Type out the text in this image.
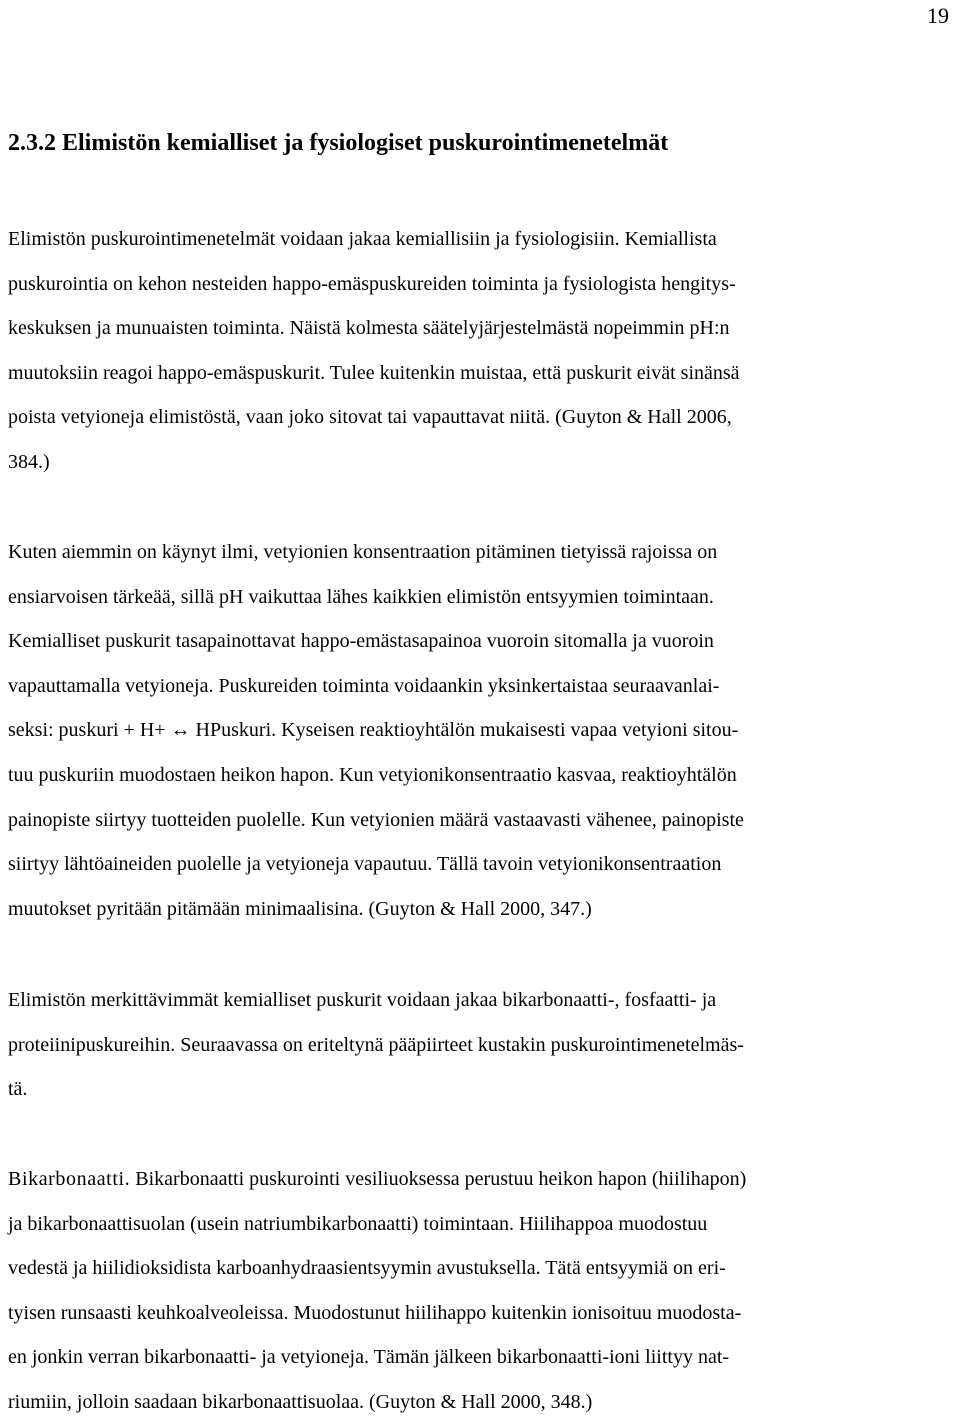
19
2.3.2 Elimistön kemialliset ja fysiologiset puskurointimenetelmät

Elimistön puskurointimenetelmät voidaan jakaa kemiallisiin ja fysiologisiin. Kemiallista
puskurointia on kehon nesteiden happo-emäspuskureiden toiminta ja fysiologista hengitys-
keskuksen ja munuaisten toiminta. Näistä kolmesta säätelyjärjestelmästä nopeimmin pH:n
muutoksiin reagoi happo-emäspuskurit. Tulee kuitenkin muistaa, että puskurit eivät sinänsä
poista vetyioneja elimistöstä, vaan joko sitovat tai vapauttavat niitä. (Guyton & Hall 2006,
384.)

Kuten aiemmin on käynyt ilmi, vetyionien konsentraation pitäminen tietyissä rajoissa on
ensiarvoisen tärkeää, sillä pH vaikuttaa lähes kaikkien elimistön entsyymien toimintaan.
Kemialliset puskurit tasapainottavat happo-emästasapainoa vuoroin sitomalla ja vuoroin
vapauttamalla vetyioneja. Puskureiden toiminta voidaankin yksinkertaistaa seuraavanlai-
seksi: puskuri + H+ ↔ HPuskuri. Kyseisen reaktioyhtälön mukaisesti vapaa vetyioni sitou-
tuu puskuriin muodostaen heikon hapon. Kun vetyionikonsentraatio kasvaa, reaktioyhtälön
painopiste siirtyy tuotteiden puolelle. Kun vetyionien määrä vastaavasti vähenee, painopiste
siirtyy lähtöaineiden puolelle ja vetyioneja vapautuu. Tällä tavoin vetyionikonsentraation
muutokset pyritään pitämään minimaalisina. (Guyton & Hall 2000, 347.)

Elimistön merkittävimmät kemialliset puskurit voidaan jakaa bikarbonaatti-, fosfaatti- ja
proteiinipuskureihin. Seuraavassa on eriteltynä pääpiirteet kustakin puskurointimenetelmäs-
tä.

Bikarbonaatti. Bikarbonaatti puskurointi vesiliuoksessa perustuu heikon hapon (hiilihapon)
ja bikarbonaattisuolan (usein natriumbikarbonaatti) toimintaan. Hiilihappoa muodostuu
vedestä ja hiilidioksidista karboanhydraasientsyymin avustuksella. Tätä entsyymiä on eri-
tyisen runsaasti keuhkoalveoleissa. Muodostunut hiilihappo kuitenkin ionisoituu muodosta-
en jonkin verran bikarbonaatti- ja vetyioneja. Tämän jälkeen bikarbonaatti-ioni liittyy nat-
riumiin, jolloin saadaan bikarbonaattisuolaa. (Guyton & Hall 2000, 348.)
